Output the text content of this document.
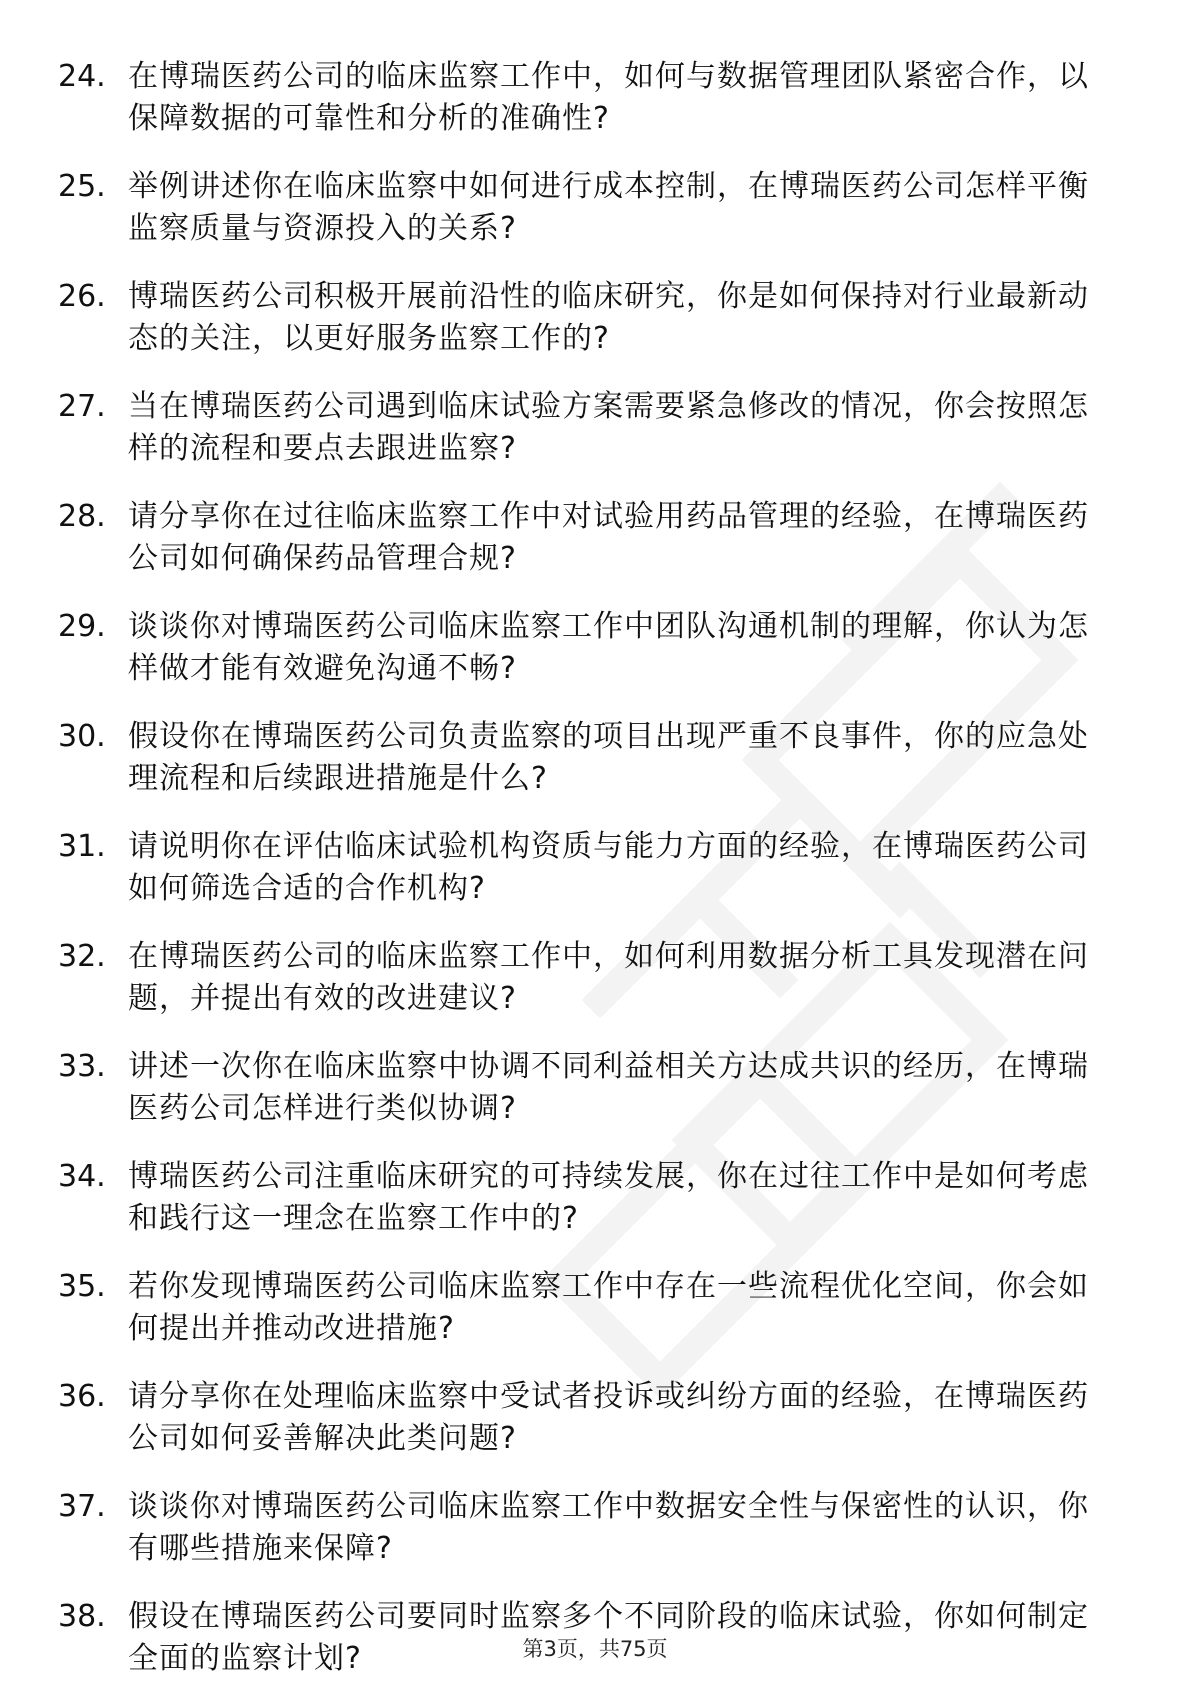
24. 在博瑞医药公司的临床监察工作中，如何与数据管理团队紧密合作，以保障数据的可靠性和分析的准确性?
25. 举例讲述你在临床监察中如何进行成本控制，在博瑞医药公司怎样平衡监察质量与资源投入的关系?
26. 博瑞医药公司积极开展前沿性的临床研究，你是如何保持对行业最新动态的关注，以更好服务监察工作的?
27. 当在博瑞医药公司遇到临床试验方案需要紧急修改的情况，你会按照怎样的流程和要点去跟进监察?
28. 请分享你在过往临床监察工作中对试验用药品管理的经验，在博瑞医药公司如何确保药品管理合规?
29. 谈谈你对博瑞医药公司临床监察工作中团队沟通机制的理解，你认为怎样做才能有效避免沟通不畅?
30. 假设你在博瑞医药公司负责监察的项目出现严重不良事件，你的应急处理流程和后续跟进措施是什么?
31. 请说明你在评估临床试验机构资质与能力方面的经验，在博瑞医药公司如何筛选合适的合作机构?
32. 在博瑞医药公司的临床监察工作中，如何利用数据分析工具发现潜在问题，并提出有效的改进建议?
33. 讲述一次你在临床监察中协调不同利益相关方达成共识的经历，在博瑞医药公司怎样进行类似协调?
34. 博瑞医药公司注重临床研究的可持续发展，你在过往工作中是如何考虑和践行这一理念在监察工作中的?
35. 若你发现博瑞医药公司临床监察工作中存在一些流程优化空间，你会如何提出并推动改进措施?
36. 请分享你在处理临床监察中受试者投诉或纠纷方面的经验，在博瑞医药公司如何妥善解决此类问题?
37. 谈谈你对博瑞医药公司临床监察工作中数据安全性与保密性的认识，你有哪些措施来保障?
38. 假设在博瑞医药公司要同时监察多个不同阶段的临床试验，你如何制定全面的监察计划?	第3页，共75页
